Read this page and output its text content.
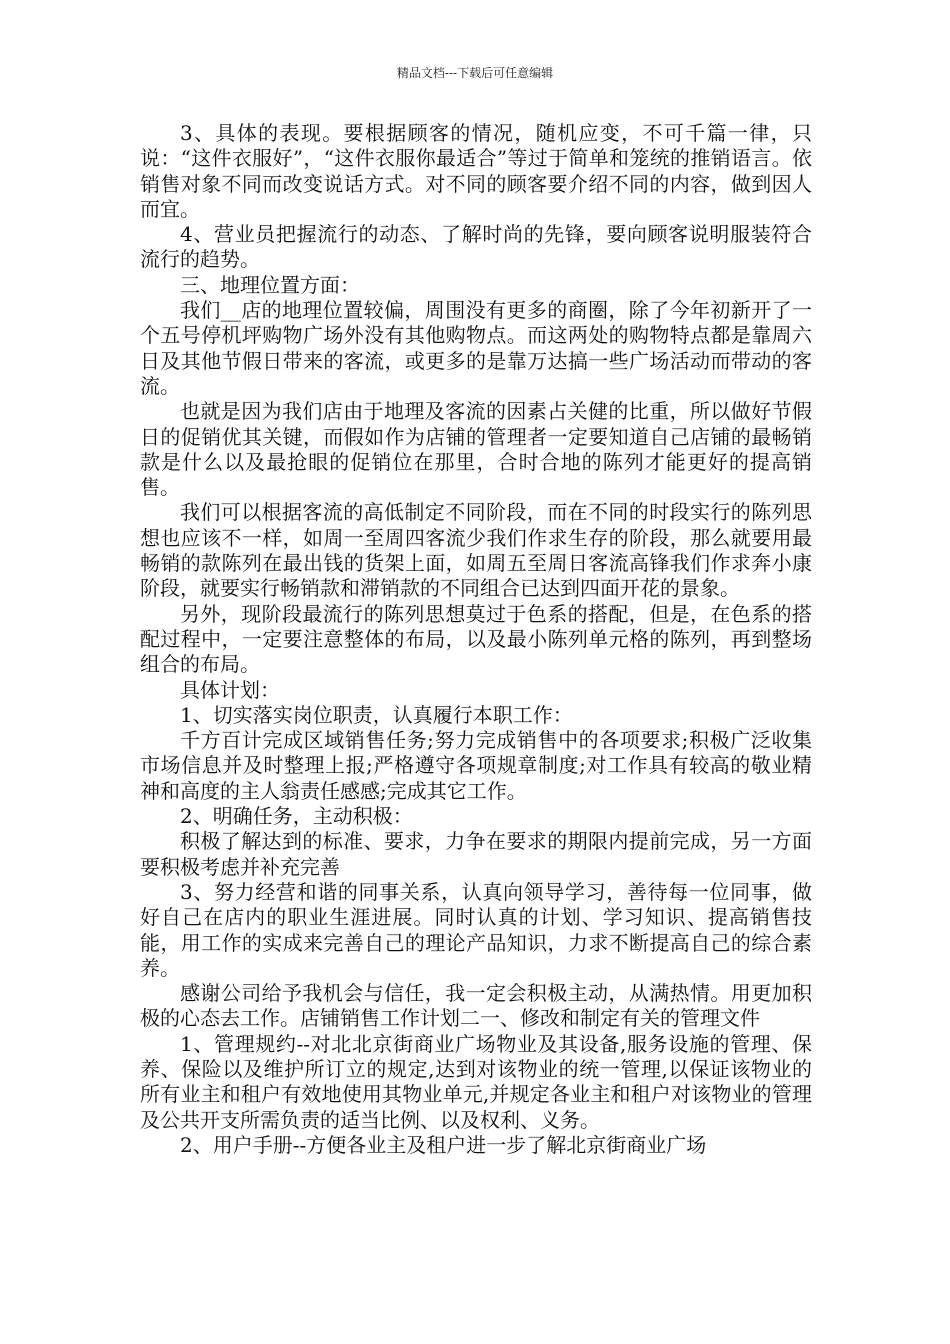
精品文档---下载后可任意编辑

3、具体的表现。要根据顾客的情况，随机应变，不可千篇一律，只说：“这件衣服好”，“这件衣服你最适合”等过于简单和笼统的推销语言。依销售对象不同而改变说话方式。对不同的顾客要介绍不同的内容，做到因人而宜。

4、营业员把握流行的动态、了解时尚的先锋，要向顾客说明服装符合流行的趋势。

三、地理位置方面：

我们__店的地理位置较偏，周围没有更多的商圈，除了今年初新开了一个五号停机坪购物广场外没有其他购物点。而这两处的购物特点都是靠周六日及其他节假日带来的客流，或更多的是靠万达搞一些广场活动而带动的客流。

也就是因为我们店由于地理及客流的因素占关健的比重，所以做好节假日的促销优其关键，而假如作为店铺的管理者一定要知道自己店铺的最畅销款是什么以及最抢眼的促销位在那里，合时合地的陈列才能更好的提高销售。

我们可以根据客流的高低制定不同阶段，而在不同的时段实行的陈列思想也应该不一样，如周一至周四客流少我们作求生存的阶段，那么就要用最畅销的款陈列在最出钱的货架上面，如周五至周日客流高锋我们作求奔小康阶段，就要实行畅销款和滞销款的不同组合已达到四面开花的景象。

另外，现阶段最流行的陈列思想莫过于色系的搭配，但是，在色系的搭配过程中，一定要注意整体的布局，以及最小陈列单元格的陈列，再到整场组合的布局。

具体计划：

1、切实落实岗位职责，认真履行本职工作：

千方百计完成区域销售任务;努力完成销售中的各项要求;积极广泛收集市场信息并及时整理上报;严格遵守各项规章制度;对工作具有较高的敬业精神和高度的主人翁责任感感;完成其它工作。

2、明确任务，主动积极：

积极了解达到的标准、要求，力争在要求的期限内提前完成，另一方面要积极考虑并补充完善

3、努力经营和谐的同事关系，认真向领导学习，善待每一位同事，做好自己在店内的职业生涯进展。同时认真的计划、学习知识、提高销售技能，用工作的实成来完善自己的理论产品知识，力求不断提高自己的综合素养。

感谢公司给予我机会与信任，我一定会积极主动，从满热情。用更加积极的心态去工作。店铺销售工作计划二一、修改和制定有关的管理文件

1、管理规约--对北北京街商业广场物业及其设备,服务设施的管理、保养、保险以及维护所订立的规定,达到对该物业的统一管理,以保证该物业的所有业主和租户有效地使用其物业单元,并规定各业主和租户对该物业的管理及公共开支所需负责的适当比例、以及权利、义务。

2、用户手册--方便各业主及租户进一步了解北京街商业广场
